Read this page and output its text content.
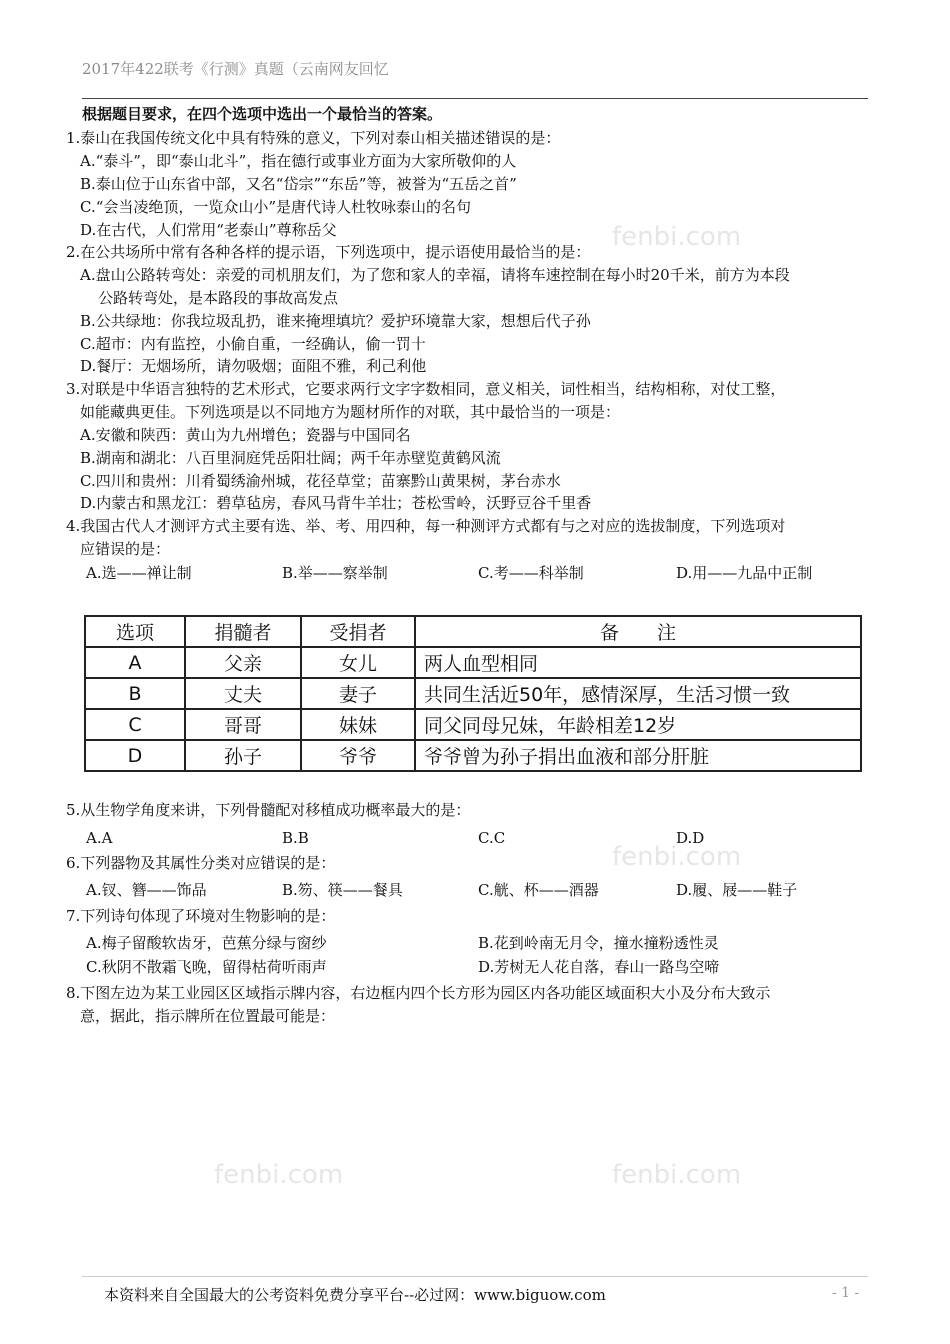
fenbi.com
fenbi.com
fenbi.com	fenbi.com
2017年422联考《行测》真题（云南网友回忆
根据题目要求，在四个选项中选出一个最恰当的答案。
1.泰山在我国传统文化中具有特殊的意义，下列对泰山相关描述错误的是：
A.“泰斗”，即“泰山北斗”，指在德行或事业方面为大家所敬仰的人
B.泰山位于山东省中部，又名“岱宗”“东岳”等，被誉为“五岳之首”
C.“会当凌绝顶，一览众山小”是唐代诗人杜牧咏泰山的名句
D.在古代，人们常用“老泰山”尊称岳父
2.在公共场所中常有各种各样的提示语，下列选项中，提示语使用最恰当的是：
A.盘山公路转弯处：亲爱的司机朋友们，为了您和家人的幸福，请将车速控制在每小时20千米，前方为本段
公路转弯处，是本路段的事故高发点
B.公共绿地：你我垃圾乱扔，谁来掩埋填坑？爱护环境靠大家，想想后代子孙
C.超市：内有监控，小偷自重，一经确认，偷一罚十
D.餐厅：无烟场所，请勿吸烟；面阻不雅，利己利他
3.对联是中华语言独特的艺术形式，它要求两行文字字数相同，意义相关，词性相当，结构相称，对仗工整，
如能藏典更佳。下列选项是以不同地方为题材所作的对联，其中最恰当的一项是：
A.安徽和陕西：黄山为九州增色；瓷器与中国同名
B.湖南和湖北：八百里洞庭凭岳阳壮阔；两千年赤壁览黄鹤风流
C.四川和贵州：川肴蜀绣渝州城，花径草堂；苗寨黔山黄果树，茅台赤水
D.内蒙古和黑龙江：碧草毡房，春风马背牛羊壮；苍松雪岭，沃野豆谷千里香
4.我国古代人才测评方式主要有选、举、考、用四种，每一种测评方式都有与之对应的选拔制度，下列选项对
应错误的是：
A.选——禅让制	B.举——察举制	C.考——科举制	D.用——九品中正制
选项	捐髓者	受捐者	备　　注
A	父亲	女儿	两人血型相同
B	丈夫	妻子	共同生活近50年，感情深厚，生活习惯一致
C	哥哥	妹妹	同父同母兄妹，年龄相差12岁
D	孙子	爷爷	爷爷曾为孙子捐出血液和部分肝脏
5.从生物学角度来讲，下列骨髓配对移植成功概率最大的是：
A.A	B.B	C.C	D.D
6.下列器物及其属性分类对应错误的是：
A.钗、簪——饰品	B.笏、筷——餐具	C.觥、杯——酒器	D.履、屐——鞋子
7.下列诗句体现了环境对生物影响的是：
A.梅子留酸软齿牙，芭蕉分绿与窗纱	B.花到岭南无月令，撞水撞粉透性灵
C.秋阴不散霜飞晚，留得枯荷听雨声	D.芳树无人花自落，春山一路鸟空啼
8.下图左边为某工业园区区域指示牌内容，右边框内四个长方形为园区内各功能区域面积大小及分布大致示
意，据此，指示牌所在位置最可能是：
本资料来自全国最大的公考资料免费分享平台--必过网：www.biguow.com	- 1 -
